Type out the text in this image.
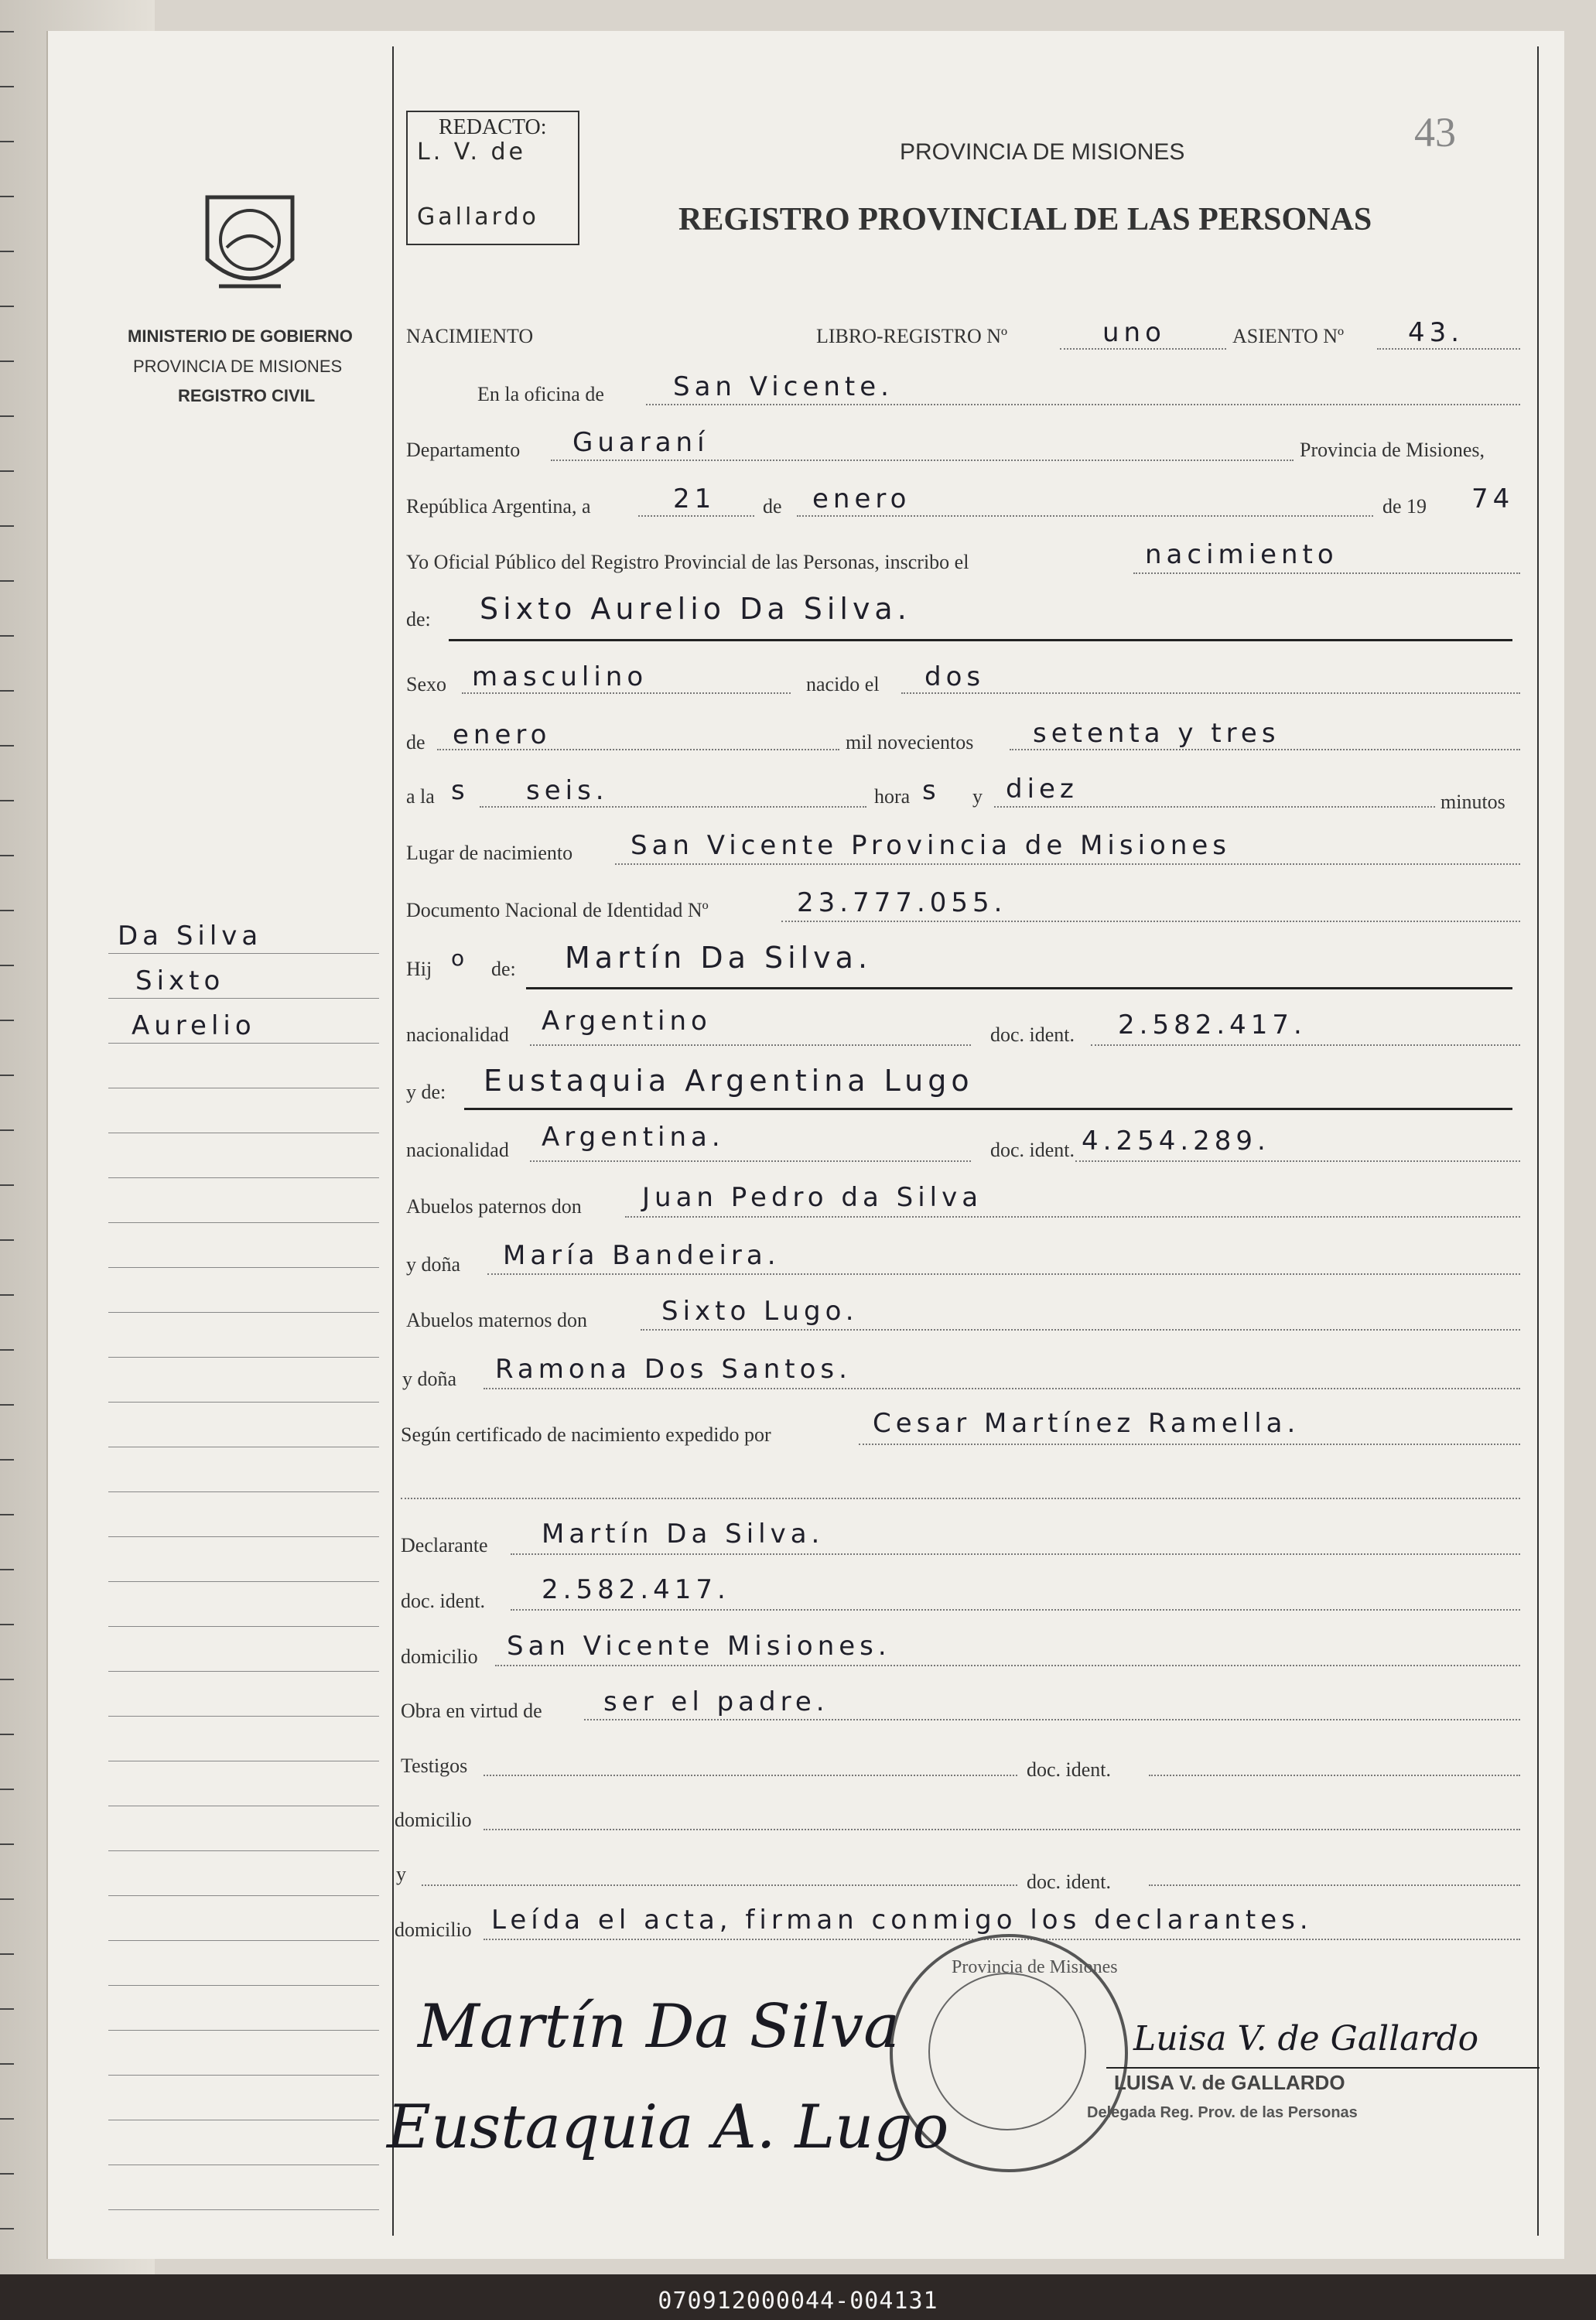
MINISTERIO DE GOBIERNO
PROVINCIA DE MISIONES
REGISTRO CIVIL
Da Silva
Sixto
Aurelio
REDACTO:
L. V. de
Gallardo
PROVINCIA DE MISIONES
REGISTRO PROVINCIAL DE LAS PERSONAS
43
NACIMIENTO	LIBRO-REGISTRO Nº	uno	ASIENTO Nº 43.
En la oficina de	San Vicente.
Departamento Guaraní	Provincia de Misiones,
República Argentina, a	21 de enero	de 19 74
Yo Oficial Público del Registro Provincial de las Personas, inscribo el	nacimiento
de: Sixto Aurelio Da Silva.
Sexo masculino	nacido el dos
de enero	mil novecientos setenta y tres
a la s seis.	hora s y diez	minutos
Lugar de nacimiento San Vicente Provincia de Misiones
Documento Nacional de Identidad Nº	23.777.055.
Hij o de: Martín Da Silva.
nacionalidad Argentino	doc. ident. 2.582.417.
y de: Eustaquia Argentina Lugo
nacionalidad Argentina.	doc. ident. 4.254.289.
Abuelos paternos don Juan Pedro da Silva
y doña María Bandeira.
Abuelos maternos don	Sixto Lugo.
y doña Ramona Dos Santos.
Según certificado de nacimiento expedido por	Cesar Martínez Ramella.
Declarante Martín Da Silva.
doc. ident. 2.582.417.
domicilio San Vicente Misiones.
Obra en virtud de ser el padre.
Testigos	doc. ident.
domicilio
y	doc. ident.
domicilio Leída el acta, firman conmigo los declarantes.
Provincia de Misiones
Martín Da Silva
Eustaquia A. Lugo
Luisa V. de Gallardo
LUISA V. de GALLARDO
Delegada Reg. Prov. de las Personas
070912000044-004131
